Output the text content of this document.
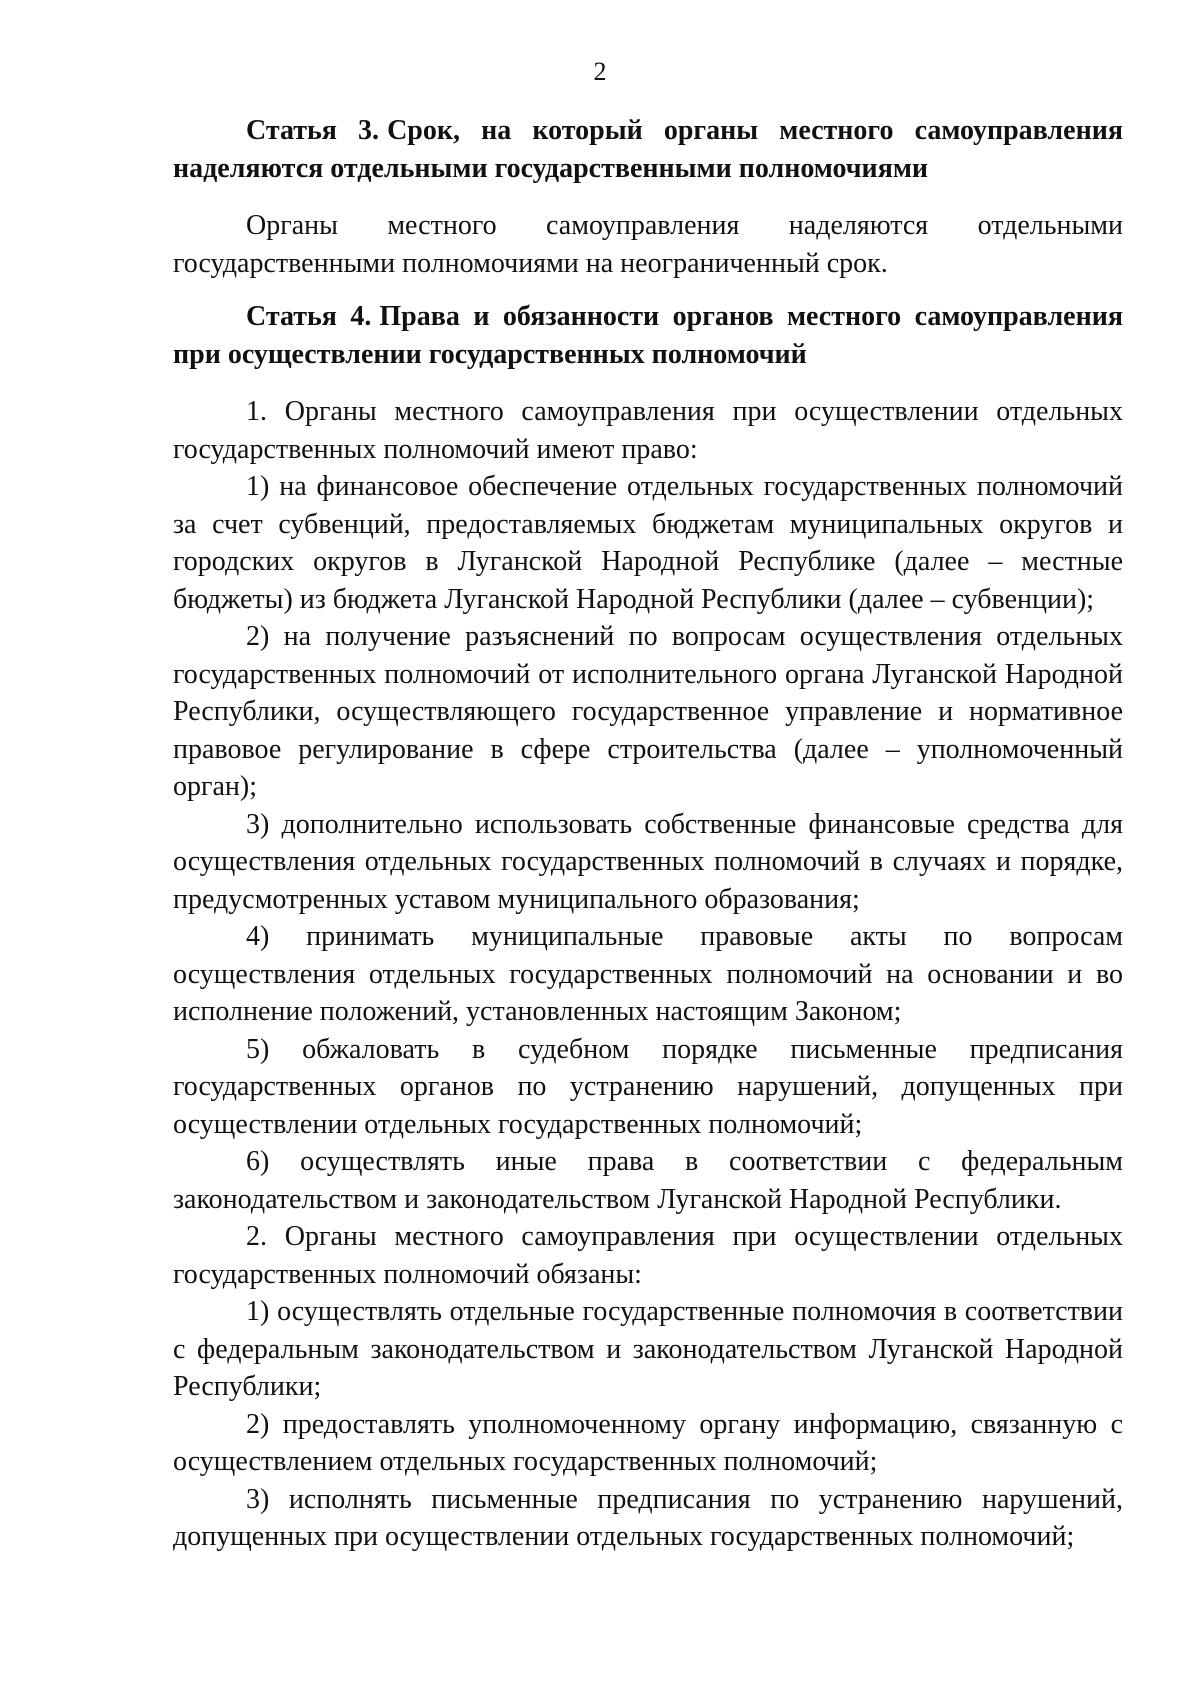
2

Статья 3. Срок, на который органы местного самоуправления наделяются отдельными государственными полномочиями

Органы местного самоуправления наделяются отдельными государственными полномочиями на неограниченный срок.

Статья 4. Права и обязанности органов местного самоуправления при осуществлении государственных полномочий

1. Органы местного самоуправления при осуществлении отдельных государственных полномочий имеют право:

1) на финансовое обеспечение отдельных государственных полномочий за счет субвенций, предоставляемых бюджетам муниципальных округов и городских округов в Луганской Народной Республике (далее – местные бюджеты) из бюджета Луганской Народной Республики (далее – субвенции);

2) на получение разъяснений по вопросам осуществления отдельных государственных полномочий от исполнительного органа Луганской Народной Республики, осуществляющего государственное управление и нормативное правовое регулирование в сфере строительства (далее – уполномоченный орган);

3) дополнительно использовать собственные финансовые средства для осуществления отдельных государственных полномочий в случаях и порядке, предусмотренных уставом муниципального образования;

4) принимать муниципальные правовые акты по вопросам осуществления отдельных государственных полномочий на основании и во исполнение положений, установленных настоящим Законом;

5) обжаловать в судебном порядке письменные предписания государственных органов по устранению нарушений, допущенных при осуществлении отдельных государственных полномочий;

6) осуществлять иные права в соответствии с федеральным законодательством и законодательством Луганской Народной Республики.

2. Органы местного самоуправления при осуществлении отдельных государственных полномочий обязаны:

1) осуществлять отдельные государственные полномочия в соответствии с федеральным законодательством и законодательством Луганской Народной Республики;

2) предоставлять уполномоченному органу информацию, связанную с осуществлением отдельных государственных полномочий;

3) исполнять письменные предписания по устранению нарушений, допущенных при осуществлении отдельных государственных полномочий;
